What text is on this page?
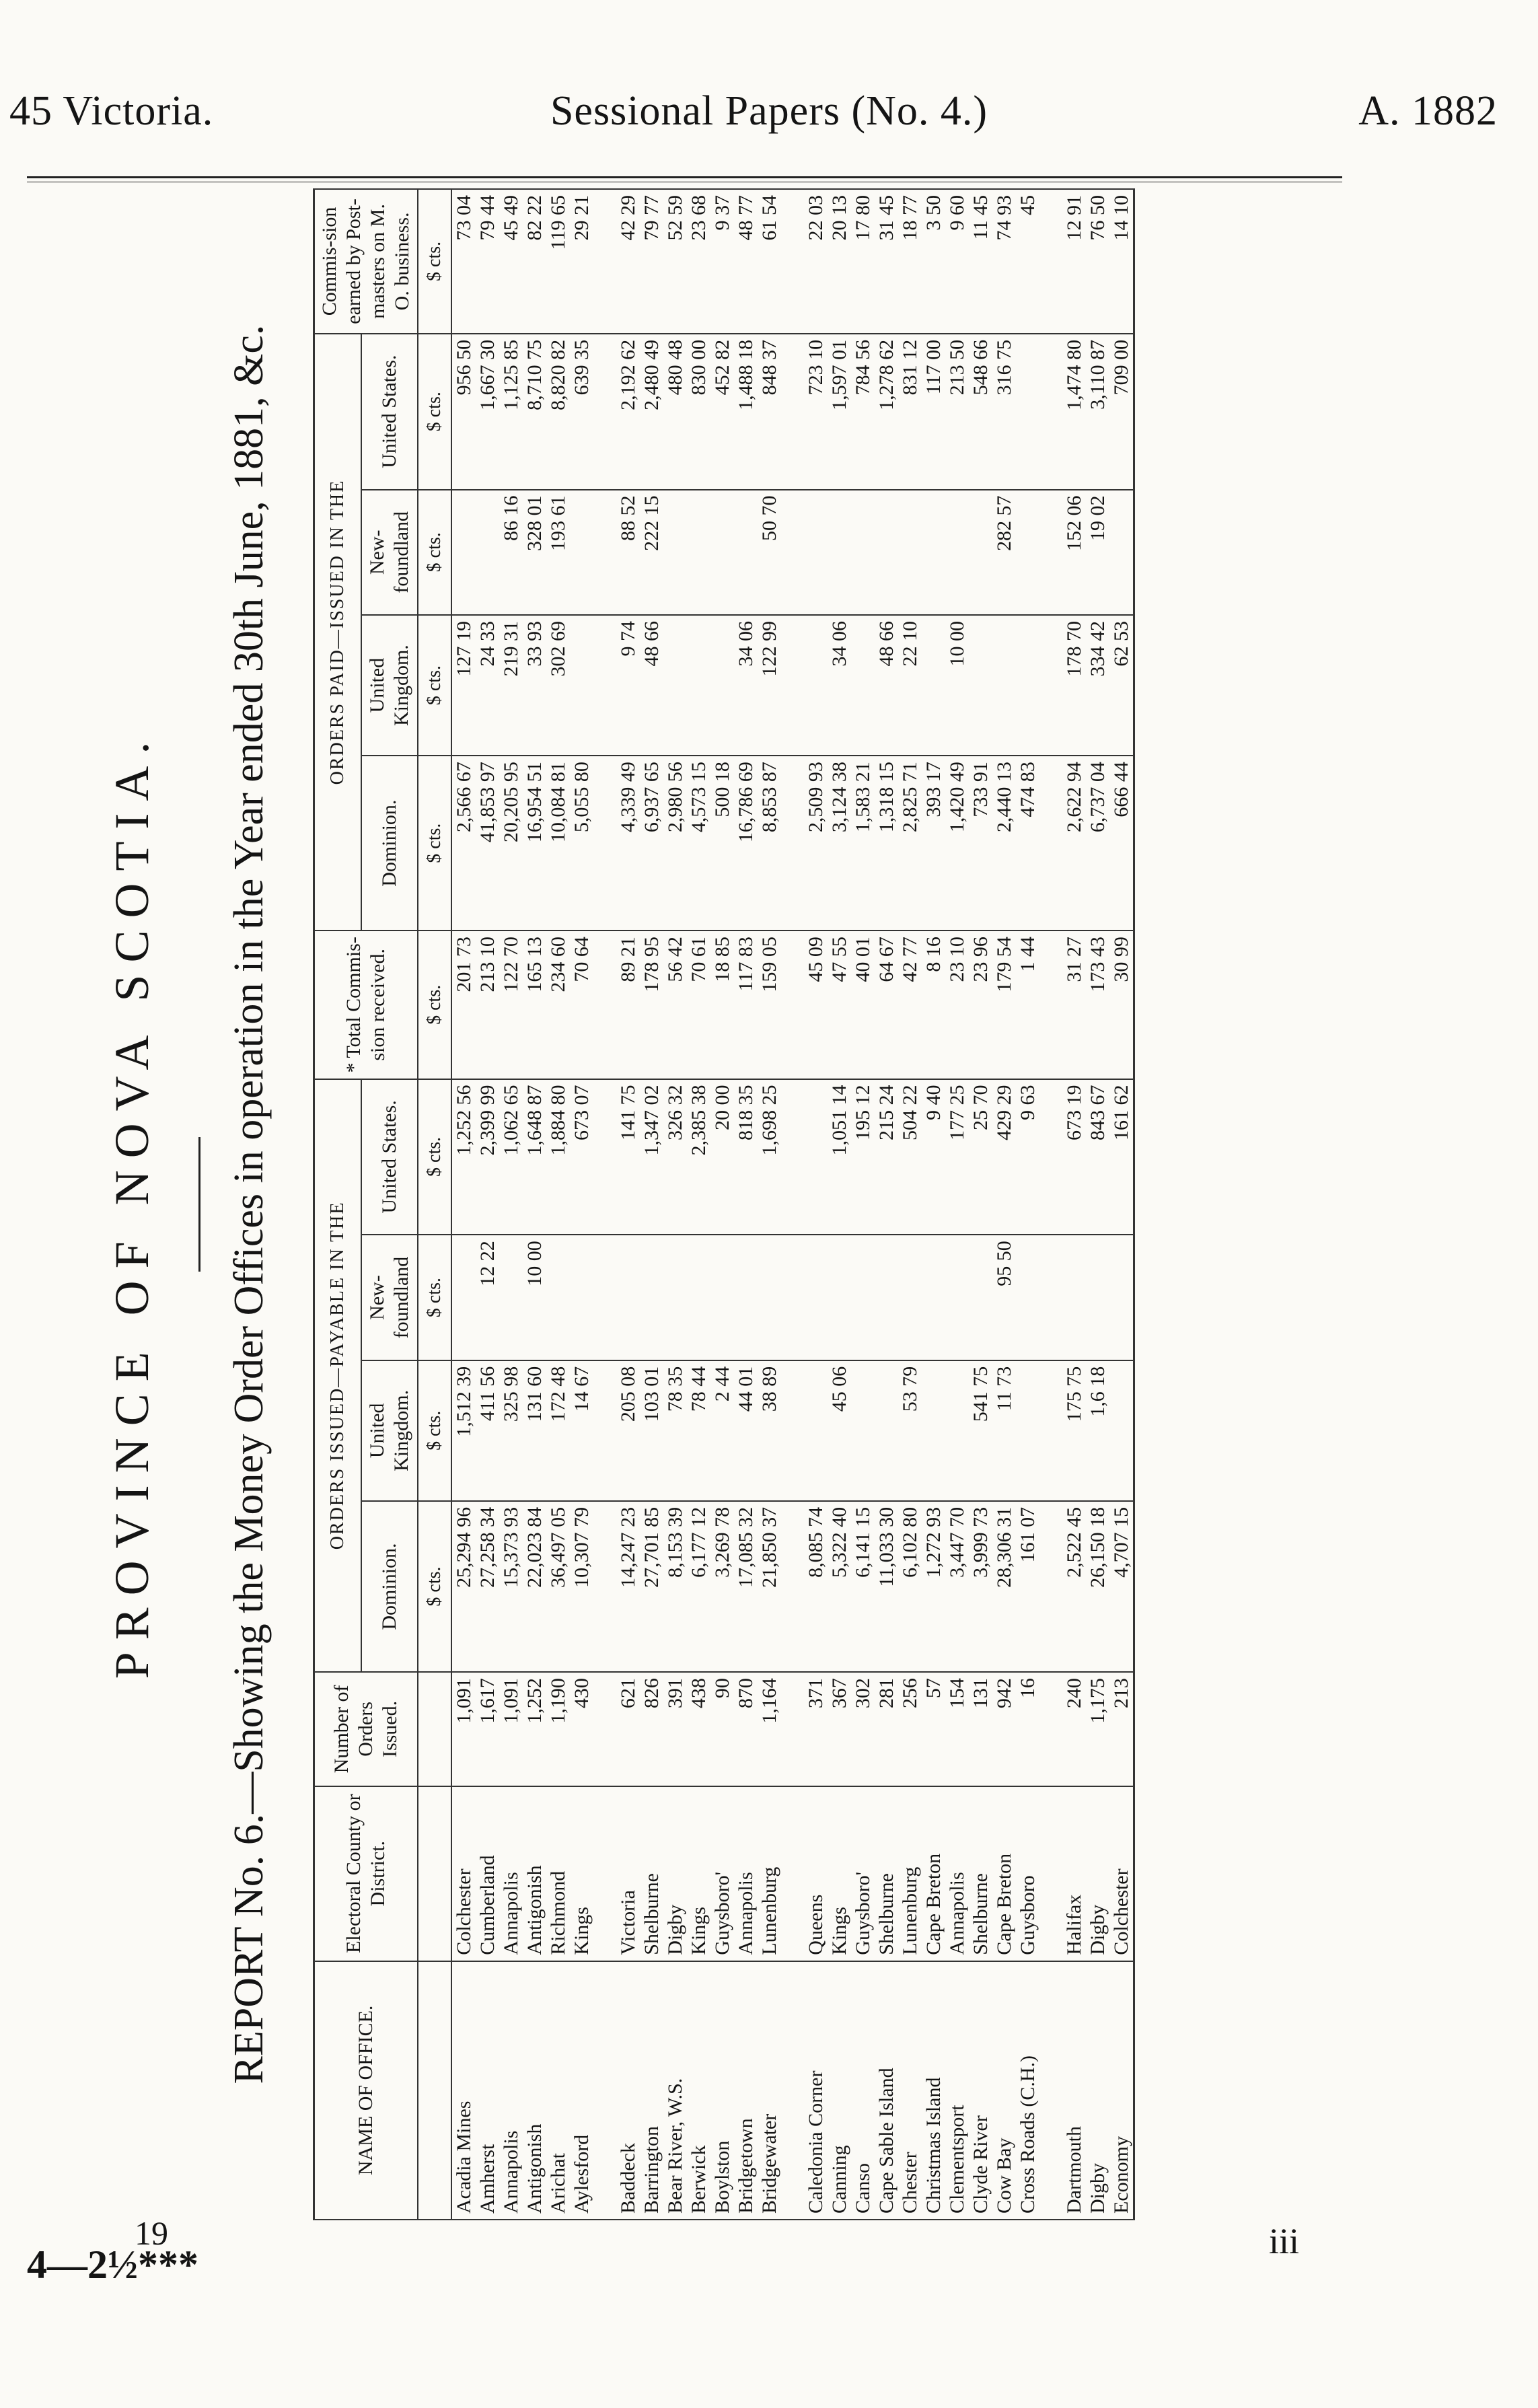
45 Victoria.	Sessional Papers (No. 4.)	A. 1882
PROVINCE OF NOVA SCOTIA. REPORT No. 6.—Showing the Money Order Offices in operation in the Year ended 30th June, 1881, &c.
NAME OF OFFICE.	Electoral County or District.	Number of Orders Issued.	ORDERS ISSUED—PAYABLE IN THE				* Total Commis-sion received.	ORDERS PAID—ISSUED IN THE				Commis-sion earned by Post-masters on M. O. business.
			Dominion.	United Kingdom.	New-foundland	United States.		Dominion.	United Kingdom.	New-foundland	United States.	
			$ cts.	$ cts.	$ cts.	$ cts.	$ cts.	$ cts.	$ cts.	$ cts.	$ cts.	$ cts.
Acadia Mines	Colchester	1,091	25,294 96	1,512 39		1,252 56	201 73	2,566 67	127 19		956 50	73 04
Amherst	Cumberland	1,617	27,258 34	411 56	12 22	2,399 99	213 10	41,853 97	24 33		1,667 30	79 44
Annapolis	Annapolis	1,091	15,373 93	325 98		1,062 65	122 70	20,205 95	219 31	86 16	1,125 85	45 49
Antigonish	Antigonish	1,252	22,023 84	131 60	10 00	1,648 87	165 13	16,954 51	33 93	328 01	8,710 75	82 22
Arichat	Richmond	1,190	36,497 05	172 48		1,884 80	234 60	10,084 81	302 69	193 61	8,820 82	119 65
Aylesford	Kings	430	10,307 79	14 67		673 07	70 64	5,055 80			639 35	29 21

Baddeck	Victoria	621	14,247 23	205 08		141 75	89 21	4,339 49	9 74	88 52	2,192 62	42 29
Barrington	Shelburne	826	27,701 85	103 01		1,347 02	178 95	6,937 65	48 66	222 15	2,480 49	79 77
Bear River, W.S.	Digby	391	8,153 39	78 35		326 32	56 42	2,980 56			480 48	52 59
Berwick	Kings	438	6,177 12	78 44		2,385 38	70 61	4,573 15			830 00	23 68
Boylston	Guysboro'	90	3,269 78	2 44		20 00	18 85	500 18			452 82	9 37
Bridgetown	Annapolis	870	17,085 32	44 01		818 35	117 83	16,786 69	34 06		1,488 18	48 77
Bridgewater	Lunenburg	1,164	21,850 37	38 89		1,698 25	159 05	8,853 87	122 99	50 70	848 37	61 54

Caledonia Corner	Queens	371	8,085 74				45 09	2,509 93			723 10	22 03
Canning	Kings	367	5,322 40	45 06		1,051 14	47 55	3,124 38	34 06		1,597 01	20 13
Canso	Guysboro'	302	6,141 15			195 12	40 01	1,583 21			784 56	17 80
Cape Sable Island	Shelburne	281	11,033 30			215 24	64 67	1,318 15	48 66		1,278 62	31 45
Chester	Lunenburg	256	6,102 80	53 79		504 22	42 77	2,825 71	22 10		831 12	18 77
Christmas Island	Cape Breton	57	1,272 93			9 40	8 16	393 17			117 00	3 50
Clementsport	Annapolis	154	3,447 70			177 25	23 10	1,420 49	10 00		213 50	9 60
Clyde River	Shelburne	131	3,999 73	541 75		25 70	23 96	733 91			548 66	11 45
Cow Bay	Cape Breton	942	28,306 31	11 73	95 50	429 29	179 54	2,440 13		282 57	316 75	74 93
Cross Roads (C.H.)	Guysboro	16	161 07			9 63	1 44	474 83				45

Dartmouth	Halifax	240	2,522 45	175 75		673 19	31 27	2,622 94	178 70	152 06	1,474 80	12 91
Digby	Digby	1,175	26,150 18	1,6 18		843 67	173 43	6,737 04	334 42	19 02	3,110 87	76 50
Economy	Colchester	213	4,707 15			161 62	30 99	666 44	62 53		709 00	14 10
19
4—2½***
iii
